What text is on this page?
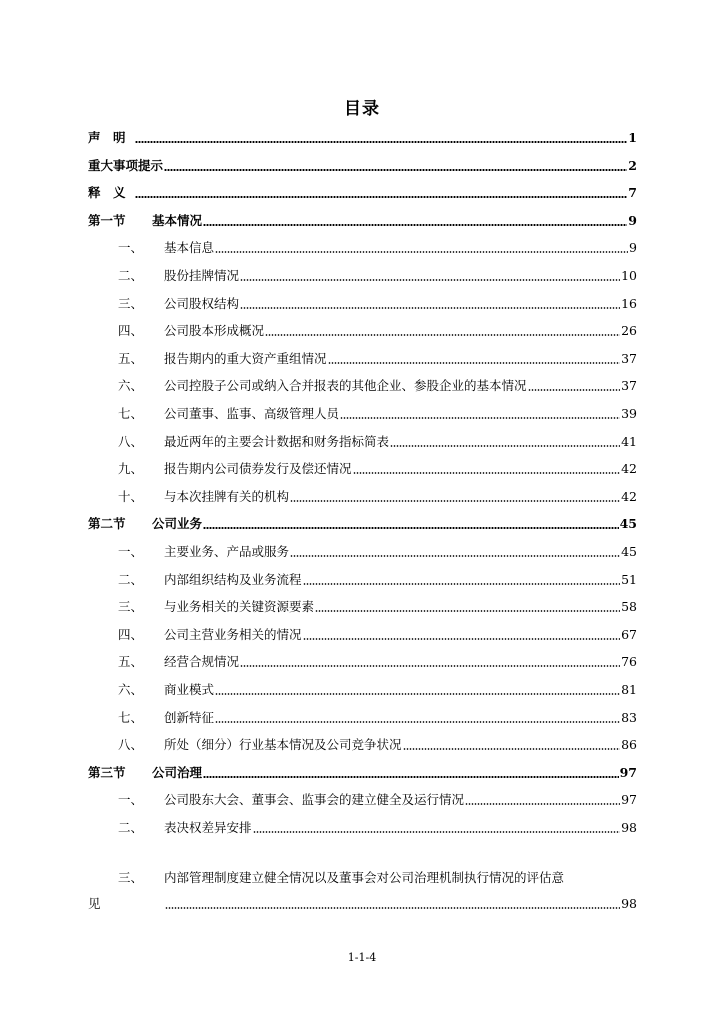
目录
声　明	1
重大事项提示	2
释　义	7
第一节	基本情况	9
一、	基本信息	9
二、	股份挂牌情况	10
三、	公司股权结构	16
四、	公司股本形成概况	26
五、	报告期内的重大资产重组情况	37
六、	公司控股子公司或纳入合并报表的其他企业、参股企业的基本情况	37
七、	公司董事、监事、高级管理人员	39
八、	最近两年的主要会计数据和财务指标简表	41
九、	报告期内公司债券发行及偿还情况	42
十、	与本次挂牌有关的机构	42
第二节	公司业务	45
一、	主要业务、产品或服务	45
二、	内部组织结构及业务流程	51
三、	与业务相关的关键资源要素	58
四、	公司主营业务相关的情况	67
五、	经营合规情况	76
六、	商业模式	81
七、	创新特征	83
八、	所处（细分）行业基本情况及公司竞争状况	86
第三节	公司治理	97
一、	公司股东大会、董事会、监事会的建立健全及运行情况	97
二、	表决权差异安排	98
三、 内部管理制度建立健全情况以及董事会对公司治理机制执行情况的评估意
见	98
1-1-4
